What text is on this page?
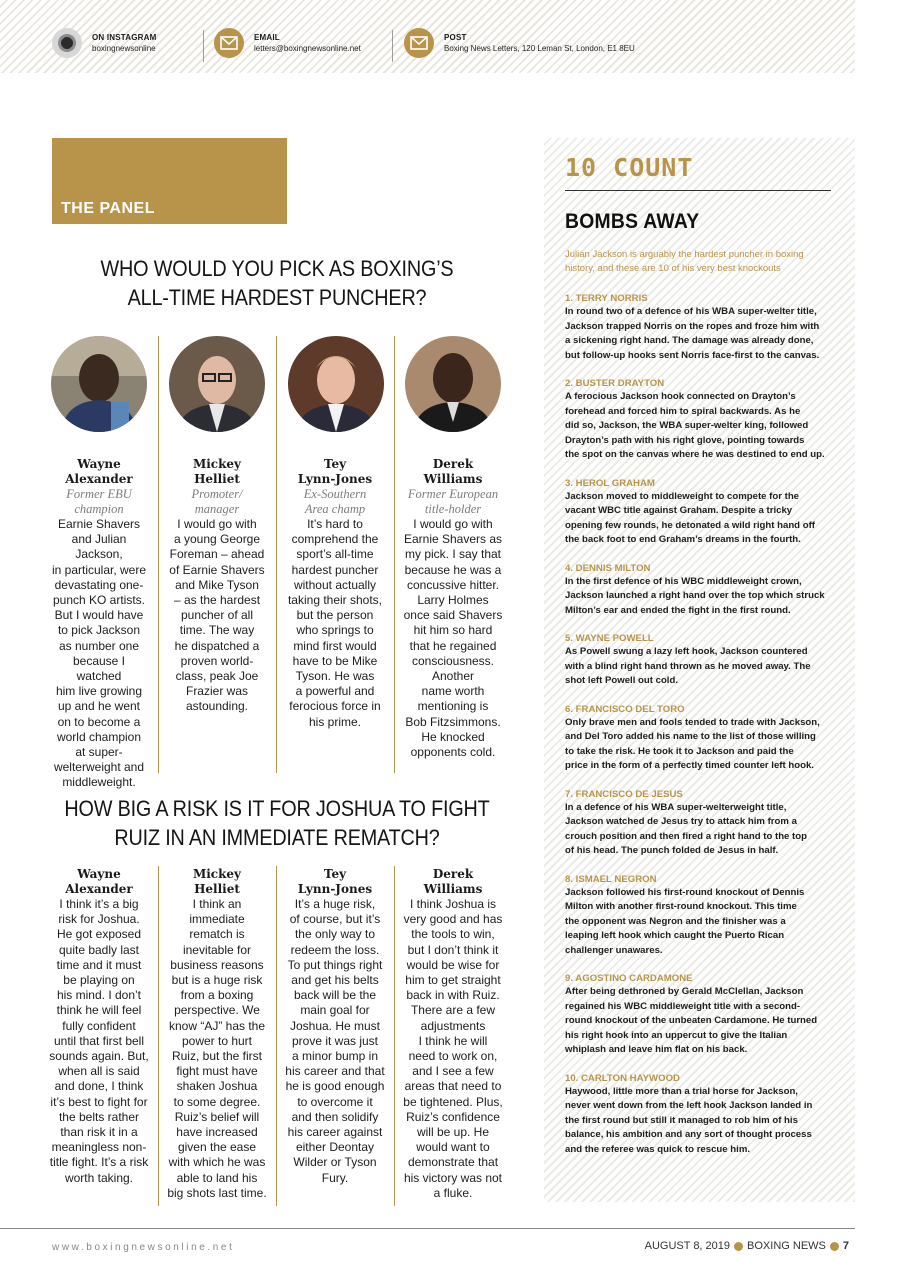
ON INSTAGRAM
boxingnewsonline
EMAIL
letters@boxingnewsonline.net
POST
Boxing News Letters, 120 Leman St, London, E1 8EU
THE PANEL
WHO WOULD YOU PICK AS BOXING’S
ALL-TIME HARDEST PUNCHER?
Wayne
Alexander
Former EBU
champion
Earnie Shavers
and Julian Jackson,
in particular, were
devastating one-
punch KO artists.
But I would have
to pick Jackson
as number one
because I watched
him live growing
up and he went
on to become a
world champion
at super-
welterweight and
middleweight.
Mickey
Helliet
Promoter/
manager
I would go with
a young George
Foreman – ahead
of Earnie Shavers
and Mike Tyson
– as the hardest
puncher of all
time. The way
he dispatched a
proven world-
class, peak Joe
Frazier was
astounding.
Tey
Lynn-Jones
Ex-Southern
Area champ
It’s hard to
comprehend the
sport’s all-time
hardest puncher
without actually
taking their shots,
but the person
who springs to
mind first would
have to be Mike
Tyson. He was
a powerful and
ferocious force in
his prime.
Derek
Williams
Former European
title-holder
I would go with
Earnie Shavers as
my pick. I say that
because he was a
concussive hitter.
Larry Holmes
once said Shavers
hit him so hard
that he regained
consciousness.
Another
name worth
mentioning is
Bob Fitzsimmons.
He knocked
opponents cold.
HOW BIG A RISK IS IT FOR JOSHUA TO FIGHT
RUIZ IN AN IMMEDIATE REMATCH?
Wayne
Alexander
I think it’s a big
risk for Joshua.
He got exposed
quite badly last
time and it must
be playing on
his mind. I don’t
think he will feel
fully confident
until that first bell
sounds again. But,
when all is said
and done, I think
it’s best to fight for
the belts rather
than risk it in a
meaningless non-
title fight. It’s a risk
worth taking.
Mickey
Helliet
I think an
immediate
rematch is
inevitable for
business reasons
but is a huge risk
from a boxing
perspective. We
know “AJ” has the
power to hurt
Ruiz, but the first
fight must have
shaken Joshua
to some degree.
Ruiz’s belief will
have increased
given the ease
with which he was
able to land his
big shots last time.
Tey
Lynn-Jones
It’s a huge risk,
of course, but it’s
the only way to
redeem the loss.
To put things right
and get his belts
back will be the
main goal for
Joshua. He must
prove it was just
a minor bump in
his career and that
he is good enough
to overcome it
and then solidify
his career against
either Deontay
Wilder or Tyson
Fury.
Derek
Williams
I think Joshua is
very good and has
the tools to win,
but I don’t think it
would be wise for
him to get straight
back in with Ruiz.
There are a few
adjustments
I think he will
need to work on,
and I see a few
areas that need to
be tightened. Plus,
Ruiz’s confidence
will be up. He
would want to
demonstrate that
his victory was not
a fluke.
10 COUNT
BOMBS AWAY
Julian Jackson is arguably the hardest puncher in boxing history, and these are 10 of his very best knockouts
1. TERRY NORRIS

In round two of a defence of his WBA super-welter title,
Jackson trapped Norris on the ropes and froze him with
a sickening right hand. The damage was already done,
but follow-up hooks sent Norris face-first to the canvas.

2. BUSTER DRAYTON

A ferocious Jackson hook connected on Drayton’s
forehead and forced him to spiral backwards. As he
did so, Jackson, the WBA super-welter king, followed
Drayton’s path with his right glove, pointing towards
the spot on the canvas where he was destined to end up.

3. HEROL GRAHAM

Jackson moved to middleweight to compete for the
vacant WBC title against Graham. Despite a tricky
opening few rounds, he detonated a wild right hand off
the back foot to end Graham’s dreams in the fourth.

4. DENNIS MILTON

In the first defence of his WBC middleweight crown,
Jackson launched a right hand over the top which struck
Milton’s ear and ended the fight in the first round.

5. WAYNE POWELL

As Powell swung a lazy left hook, Jackson countered
with a blind right hand thrown as he moved away. The
shot left Powell out cold.

6. FRANCISCO DEL TORO

Only brave men and fools tended to trade with Jackson,
and Del Toro added his name to the list of those willing
to take the risk. He took it to Jackson and paid the
price in the form of a perfectly timed counter left hook.

7. FRANCISCO DE JESUS

In a defence of his WBA super-welterweight title,
Jackson watched de Jesus try to attack him from a
crouch position and then fired a right hand to the top
of his head. The punch folded de Jesus in half.

8. ISMAEL NEGRON

Jackson followed his first-round knockout of Dennis
Milton with another first-round knockout. This time
the opponent was Negron and the finisher was a
leaping left hook which caught the Puerto Rican
challenger unawares.

9. AGOSTINO CARDAMONE

After being dethroned by Gerald McClellan, Jackson
regained his WBC middleweight title with a second-
round knockout of the unbeaten Cardamone. He turned
his right hook into an uppercut to give the Italian
whiplash and leave him flat on his back.

10. CARLTON HAYWOOD

Haywood, little more than a trial horse for Jackson,
never went down from the left hook Jackson landed in
the first round but still it managed to rob him of his
balance, his ambition and any sort of thought process
and the referee was quick to rescue him.

www.boxingnewsonline.net	AUGUST 8, 2019 BOXING NEWS 7
